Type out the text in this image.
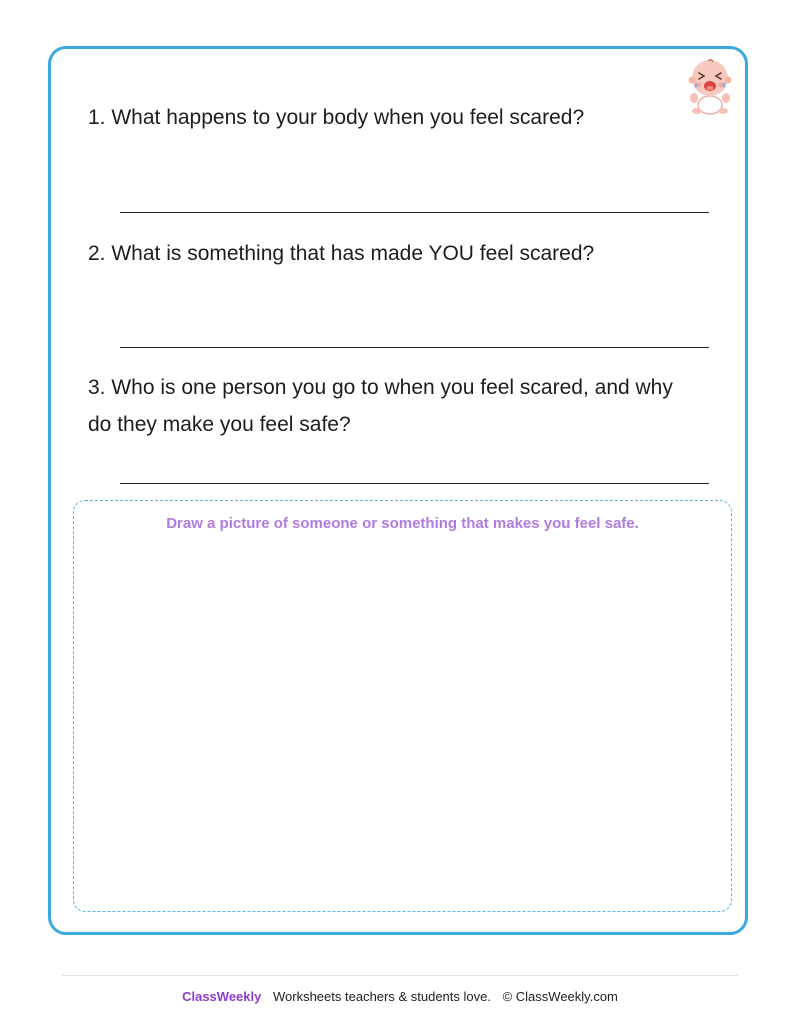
1. What happens to your body when you feel scared?

2. What is something that has made YOU feel scared?

3. Who is one person you go to when you feel scared, and why do they make you feel safe?

Draw a picture of someone or something that makes you feel safe.
ClassWeekly Worksheets teachers & students love. © ClassWeekly.com
